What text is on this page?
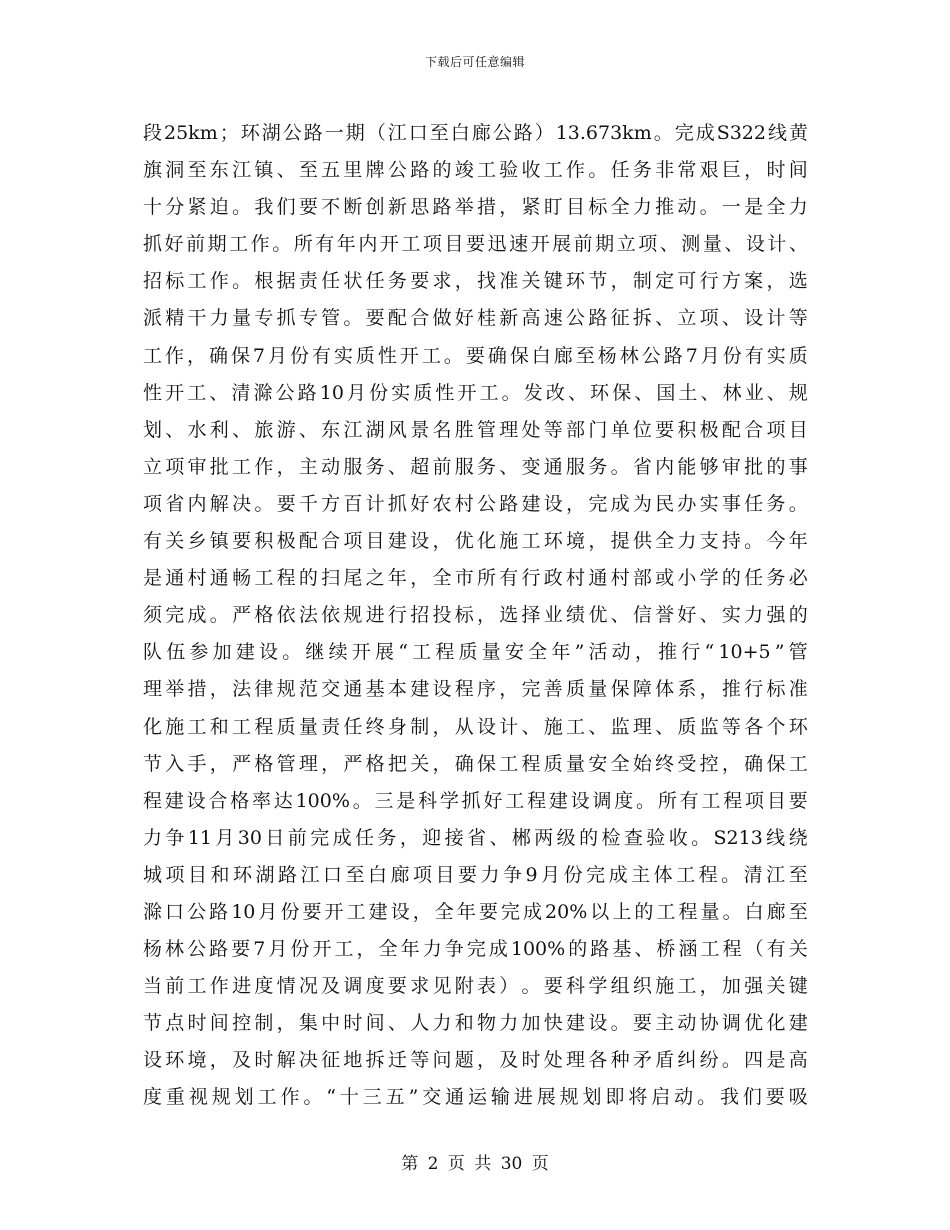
下载后可任意编辑
段 25km ； 环 湖 公 路 一 期 （ 江 口 至 白 廊 公 路 ） 13.673km 。 完 成 S322 线 黄
旗 洞 至 东 江 镇 、 至 五 里 牌 公 路 的 竣 工 验 收 工 作 。 任 务 非 常 艰 巨 ， 时 间
十 分 紧 迫 。 我 们 要 不 断 创 新 思 路 举 措 ， 紧 盯 目 标 全 力 推 动 。 一 是 全 力
抓 好 前 期 工 作 。 所 有 年 内 开 工 项 目 要 迅 速 开 展 前 期 立 项 、 测 量 、 设 计 、
招 标 工 作 。 根 据 责 任 状 任 务 要 求 ， 找 准 关 键 环 节 ， 制 定 可 行 方 案 ， 选
派 精 干 力 量 专 抓 专 管 。 要 配 合 做 好 桂 新 高 速 公 路 征 拆 、 立 项 、 设 计 等
工 作 ， 确 保 7 月 份 有 实 质 性 开 工 。 要 确 保 白 廊 至 杨 林 公 路 7 月 份 有 实 质
性 开 工 、 清 滁 公 路 10 月 份 实 质 性 开 工 。 发 改 、 环 保 、 国 土 、 林 业 、 规
划 、 水 利 、 旅 游 、 东 江 湖 风 景 名 胜 管 理 处 等 部 门 单 位 要 积 极 配 合 项 目
立 项 审 批 工 作 ， 主 动 服 务 、 超 前 服 务 、 变 通 服 务 。 省 内 能 够 审 批 的 事
项 省 内 解 决 。 要 千 方 百 计 抓 好 农 村 公 路 建 设 ， 完 成 为 民 办 实 事 任 务 。
有 关 乡 镇 要 积 极 配 合 项 目 建 设 ， 优 化 施 工 环 境 ， 提 供 全 力 支 持 。 今 年
是 通 村 通 畅 工 程 的 扫 尾 之 年 ， 全 市 所 有 行 政 村 通 村 部 或 小 学 的 任 务 必
须 完 成 。 严 格 依 法 依 规 进 行 招 投 标 ， 选 择 业 绩 优 、 信 誉 好 、 实 力 强 的
队 伍 参 加 建 设 。 继 续 开 展 “ 工 程 质 量 安 全 年 ” 活 动 ， 推 行 “ 10+5 ” 管
理 举 措 ， 法 律 规 范 交 通 基 本 建 设 程 序 ， 完 善 质 量 保 障 体 系 ， 推 行 标 准
化 施 工 和 工 程 质 量 责 任 终 身 制 ， 从 设 计 、 施 工 、 监 理 、 质 监 等 各 个 环
节 入 手 ， 严 格 管 理 ， 严 格 把 关 ， 确 保 工 程 质 量 安 全 始 终 受 控 ， 确 保 工
程 建 设 合 格 率 达 100% 。 三 是 科 学 抓 好 工 程 建 设 调 度 。 所 有 工 程 项 目 要
力 争 11 月 30 日 前 完 成 任 务 ， 迎 接 省 、 郴 两 级 的 检 查 验 收 。 S213 线 绕
城 项 目 和 环 湖 路 江 口 至 白 廊 项 目 要 力 争 9 月 份 完 成 主 体 工 程 。 清 江 至
滁 口 公 路 10 月 份 要 开 工 建 设 ， 全 年 要 完 成 20% 以 上 的 工 程 量 。 白 廊 至
杨 林 公 路 要 7 月 份 开 工 ， 全 年 力 争 完 成 100% 的 路 基 、 桥 涵 工 程 （ 有 关
当 前 工 作 进 度 情 况 及 调 度 要 求 见 附 表 ） 。 要 科 学 组 织 施 工 ， 加 强 关 键
节 点 时 间 控 制 ， 集 中 时 间 、 人 力 和 物 力 加 快 建 设 。 要 主 动 协 调 优 化 建
设 环 境 ， 及 时 解 决 征 地 拆 迁 等 问 题 ， 及 时 处 理 各 种 矛 盾 纠 纷 。 四 是 高
度 重 视 规 划 工 作 。 “ 十 三 五 ” 交 通 运 输 进 展 规 划 即 将 启 动 。 我 们 要 吸
第 2 页 共 30 页
